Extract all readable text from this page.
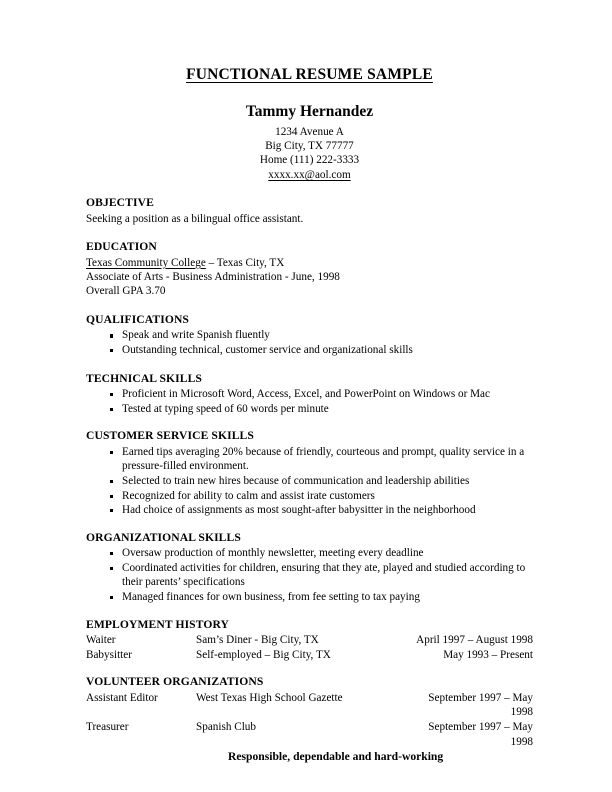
FUNCTIONAL RESUME SAMPLE
Tammy Hernandez
1234 Avenue A
Big City, TX 77777
Home (111) 222-3333
xxxx.xx@aol.com
OBJECTIVE
Seeking a position as a bilingual office assistant.
EDUCATION
Texas Community College – Texas City, TX
Associate of Arts - Business Administration - June, 1998
Overall GPA 3.70
QUALIFICATIONS
Speak and write Spanish fluently
Outstanding technical, customer service and organizational skills
TECHNICAL SKILLS
Proficient in Microsoft Word, Access, Excel, and PowerPoint on Windows or Mac
Tested at typing speed of 60 words per minute
CUSTOMER SERVICE SKILLS
Earned tips averaging 20% because of friendly, courteous and prompt, quality service in a pressure-filled environment.
Selected to train new hires because of communication and leadership abilities
Recognized for ability to calm and assist irate customers
Had choice of assignments as most sought-after babysitter in the neighborhood
ORGANIZATIONAL SKILLS
Oversaw production of monthly newsletter, meeting every deadline
Coordinated activities for children, ensuring that they ate, played and studied according to their parents’ specifications
Managed finances for own business, from fee setting to tax paying
EMPLOYMENT HISTORY
Waiter	Sam’s Diner - Big City, TX	April 1997 – August 1998
Babysitter	Self-employed – Big City, TX	May 1993 – Present
VOLUNTEER ORGANIZATIONS
Assistant Editor	West Texas High School Gazette	September 1997 – May 1998
Treasurer	Spanish Club	September 1997 – May 1998
Responsible, dependable and hard-working
